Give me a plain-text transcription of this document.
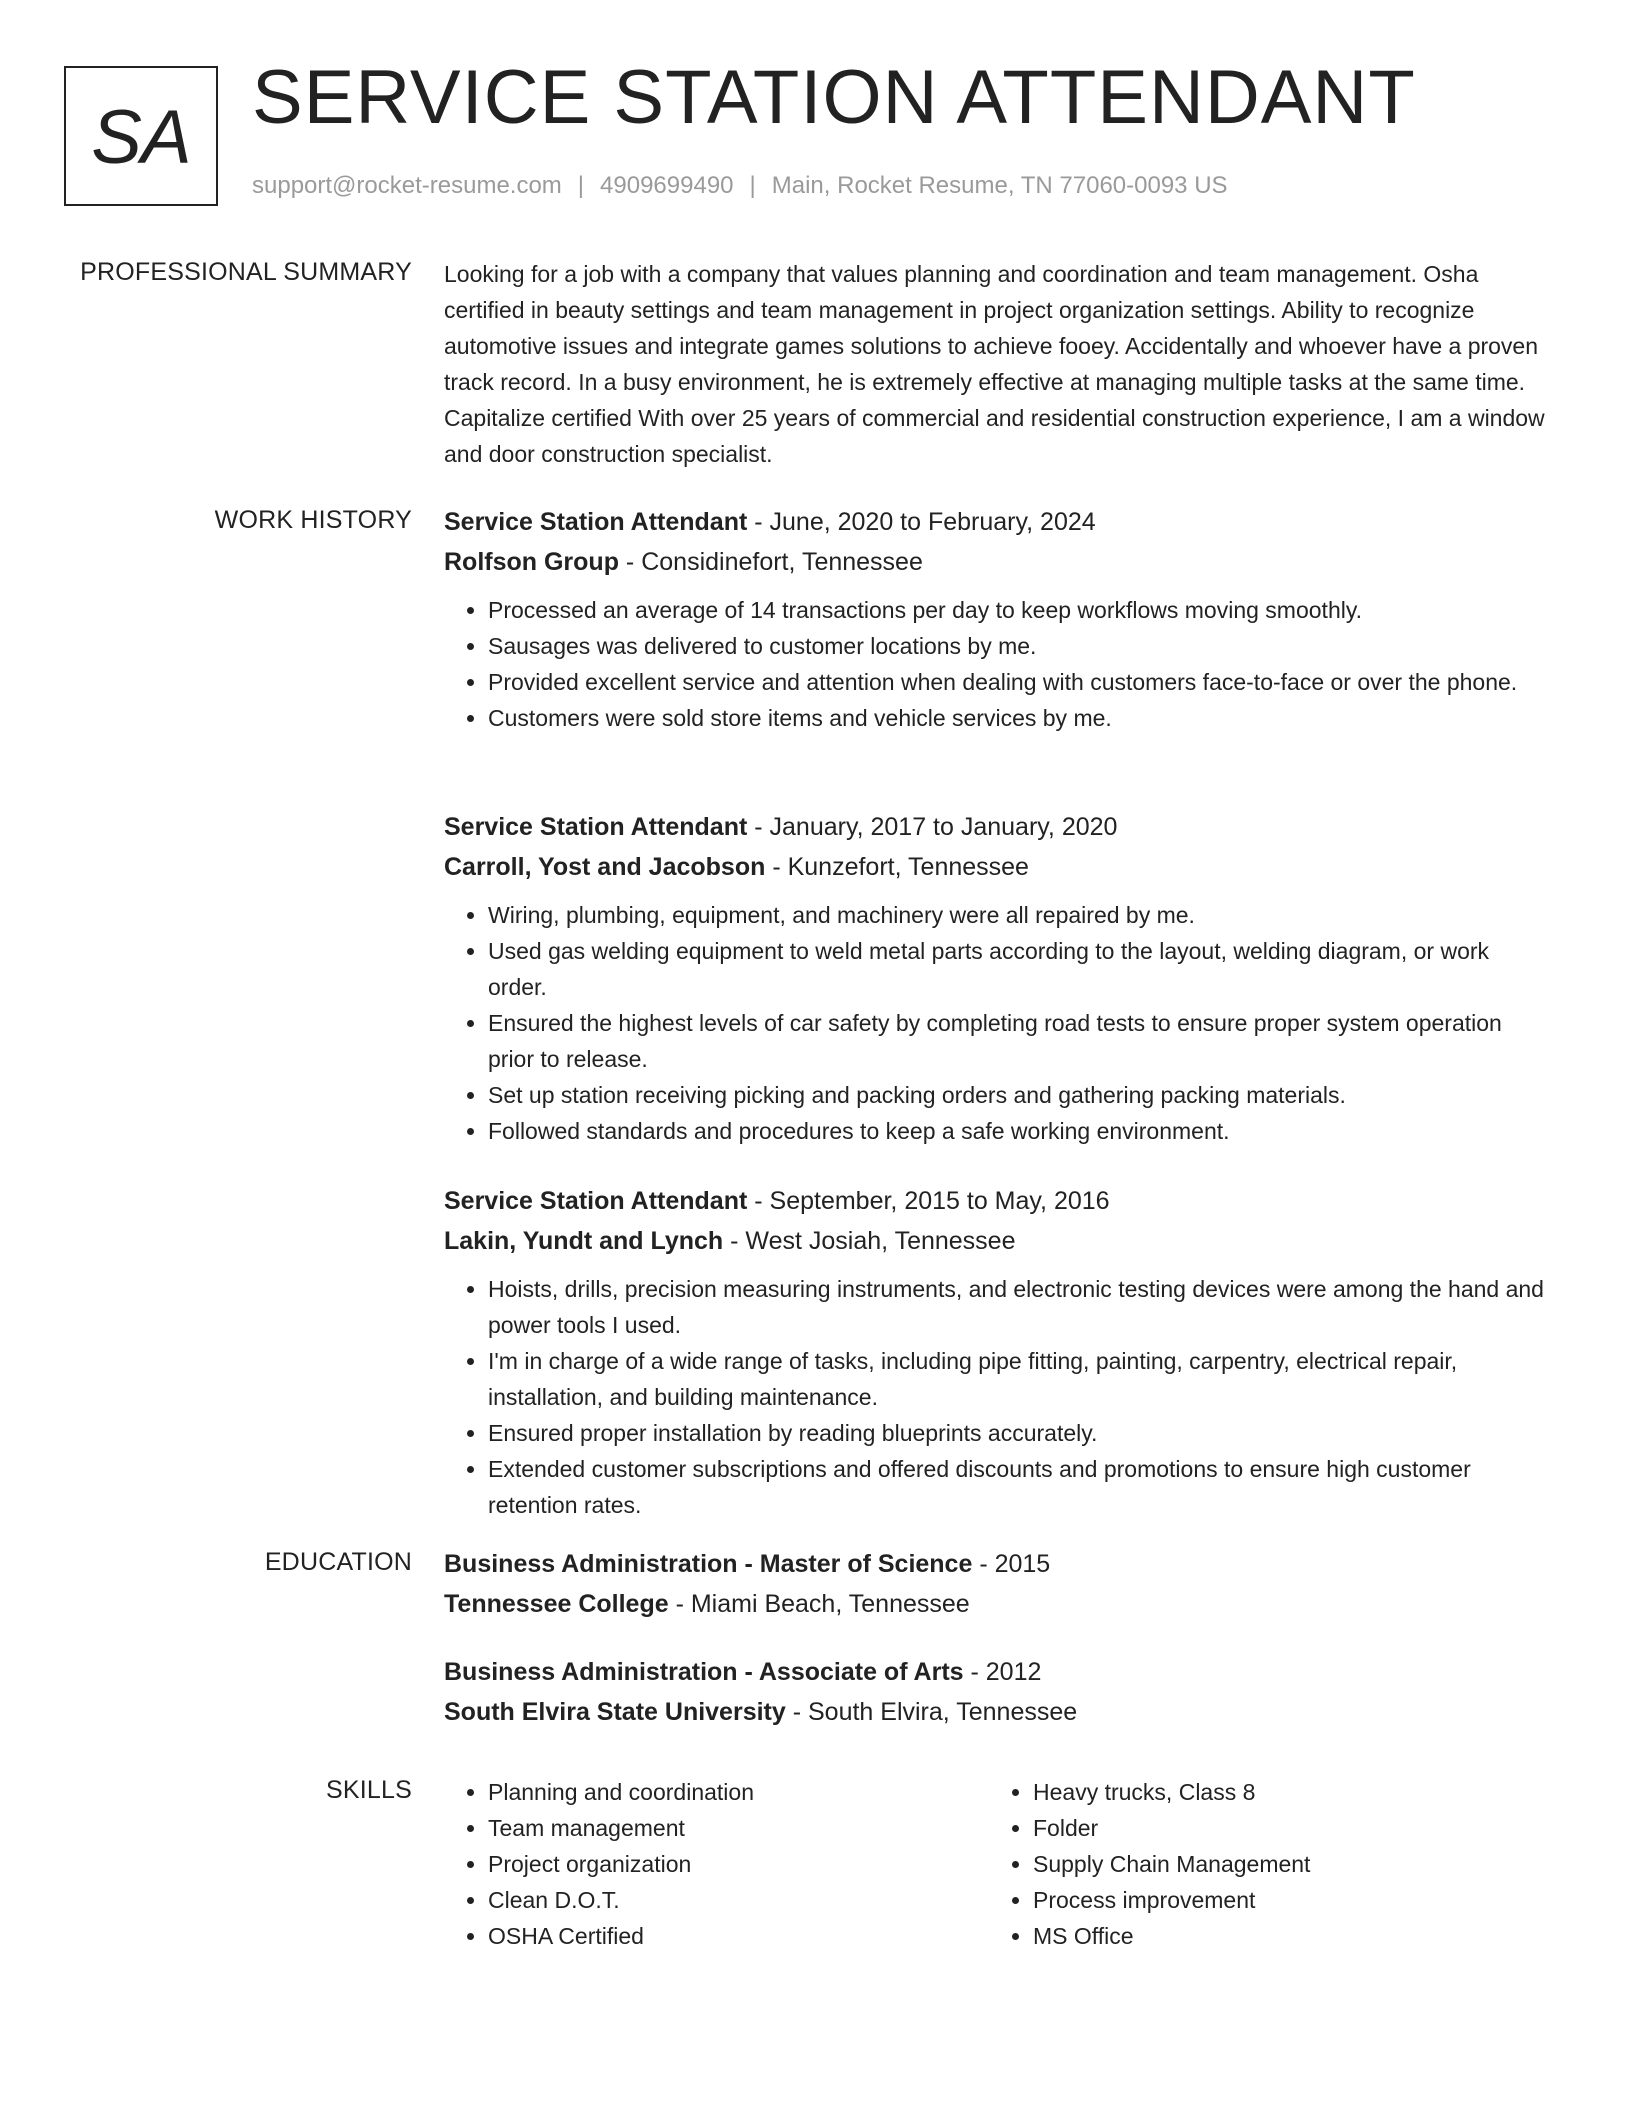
SA SERVICE STATION ATTENDANT
support@rocket-resume.com | 4909699490 | Main, Rocket Resume, TN 77060-0093 US
PROFESSIONAL SUMMARY Looking for a job with a company that values planning and coordination and team management. Osha certified in beauty settings and team management in project organization settings. Ability to recognize automotive issues and integrate games solutions to achieve fooey. Accidentally and whoever have a proven track record. In a busy environment, he is extremely effective at managing multiple tasks at the same time. Capitalize certified With over 25 years of commercial and residential construction experience, I am a window and door construction specialist.

WORK HISTORY Service Station Attendant - June, 2020 to February, 2024
Rolfson Group - Considinefort, Tennessee
• Processed an average of 14 transactions per day to keep workflows moving smoothly.
• Sausages was delivered to customer locations by me.
• Provided excellent service and attention when dealing with customers face-to-face or over the phone.
• Customers were sold store items and vehicle services by me.
Service Station Attendant - January, 2017 to January, 2020
Carroll, Yost and Jacobson - Kunzefort, Tennessee
• Wiring, plumbing, equipment, and machinery were all repaired by me.
• Used gas welding equipment to weld metal parts according to the layout, welding diagram, or work order.
• Ensured the highest levels of car safety by completing road tests to ensure proper system operation prior to release.
• Set up station receiving picking and packing orders and gathering packing materials.
• Followed standards and procedures to keep a safe working environment.
Service Station Attendant - September, 2015 to May, 2016
Lakin, Yundt and Lynch - West Josiah, Tennessee
• Hoists, drills, precision measuring instruments, and electronic testing devices were among the hand and power tools I used.
• I'm in charge of a wide range of tasks, including pipe fitting, painting, carpentry, electrical repair, installation, and building maintenance.
• Ensured proper installation by reading blueprints accurately.
• Extended customer subscriptions and offered discounts and promotions to ensure high customer retention rates.
EDUCATION Business Administration - Master of Science - 2015
Tennessee College - Miami Beach, Tennessee
Business Administration - Associate of Arts - 2012
South Elvira State University - South Elvira, Tennessee
SKILLS
•	Planning and coordination
• Team management
• Project organization
• Clean D.O.T.
• OSHA Certified
• Heavy trucks, Class 8
• Folder
• Supply Chain Management
• Process improvement
• MS Office
